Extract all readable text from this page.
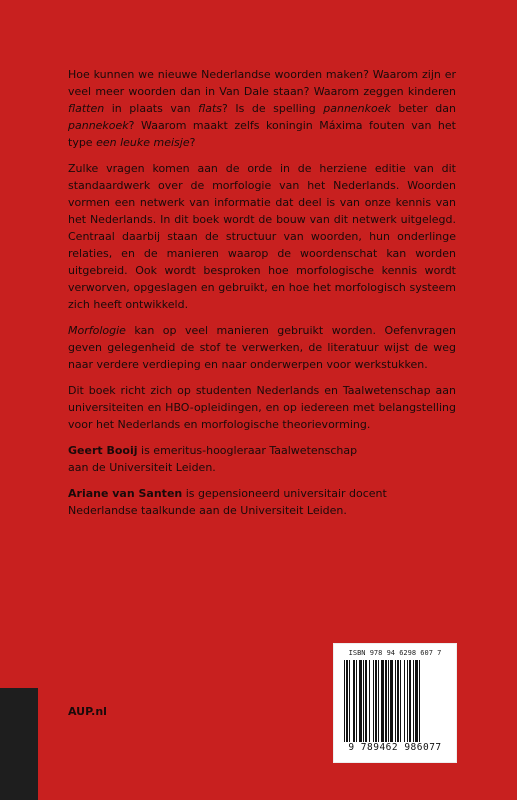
Hoe kunnen we nieuwe Nederlandse woorden maken? Waarom zijn er veel meer woorden dan in Van Dale staan? Waarom zeggen kinderen flatten in plaats van flats? Is de spelling pannenkoek beter dan pannekoek? Waarom maakt zelfs koningin Máxima fouten van het type een leuke meisje?

Zulke vragen komen aan de orde in de herziene editie van dit standaardwerk over de morfologie van het Nederlands. Woorden vormen een netwerk van informatie dat deel is van onze kennis van het Nederlands. In dit boek wordt de bouw van dit netwerk uitgelegd. Centraal daarbij staan de structuur van woorden, hun onderlinge relaties, en de manieren waarop de woordenschat kan worden uitgebreid. Ook wordt besproken hoe morfologische kennis wordt verworven, opgeslagen en gebruikt, en hoe het morfologisch systeem zich heeft ontwikkeld.

Morfologie kan op veel manieren gebruikt worden. Oefenvragen geven gelegenheid de stof te verwerken, de literatuur wijst de weg naar verdere verdieping en naar onderwerpen voor werkstukken.

Dit boek richt zich op studenten Nederlands en Taalwetenschap aan universiteiten en HBO-opleidingen, en op iedereen met belangstelling voor het Nederlands en morfologische theorievorming.

Geert Booij is emeritus-hoogleraar Taalwetenschap
aan de Universiteit Leiden.

Ariane van Santen is gepensioneerd universitair docent
Nederlandse taalkunde aan de Universiteit Leiden.

AUP.nl
ISBN 978 94 6298 607 7
9 789462 986077
